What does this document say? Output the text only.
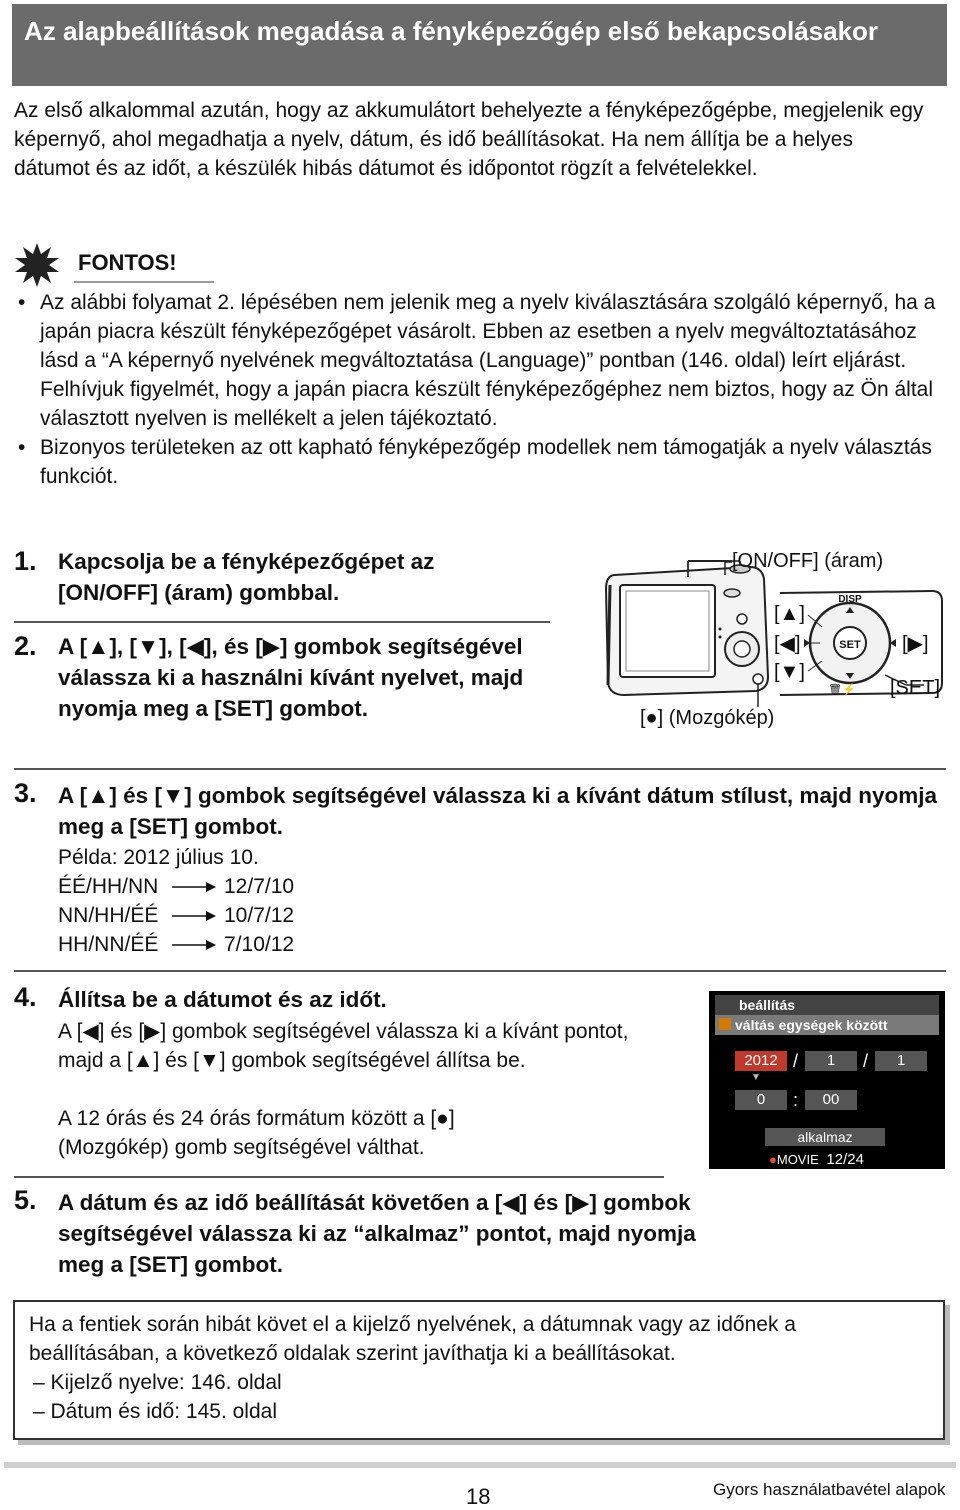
Az alapbeállítások megadása a fényképezőgép első bekapcsolásakor
Az első alkalommal azután, hogy az akkumulátort behelyezte a fényképezőgépbe, megjelenik egy képernyő, ahol megadhatja a nyelv, dátum, és idő beállításokat. Ha nem állítja be a helyes dátumot és az időt, a készülék hibás dátumot és időpontot rögzít a felvételekkel.
FONTOS!
• Az alábbi folyamat 2. lépésében nem jelenik meg a nyelv kiválasztására szolgáló képernyő, ha a japán piacra készült fényképezőgépet vásárolt. Ebben az esetben a nyelv megváltoztatásához lásd a “A képernyő nyelvének megváltoztatása (Language)” pontban (146. oldal) leírt eljárást. Felhívjuk figyelmét, hogy a japán piacra készült fényképezőgéphez nem biztos, hogy az Ön által választott nyelven is mellékelt a jelen tájékoztató.
• Bizonyos területeken az ott kapható fényképezőgép modellek nem támogatják a nyelv választás funkciót.
1. Kapcsolja be a fényképezőgépet az [ON/OFF] (áram) gombbal.
2. A [▲], [▼], [◀], és [▶] gombok segítségével válassza ki a használni kívánt nyelvet, majd nyomja meg a [SET] gombot.
SET
DISP
🗑⚡
[ON/OFF] (áram)
[▲]
[◀]
[▼]
[▶]
[SET]
[●] (Mozgókép)
3. A [▲] és [▼] gombok segítségével válassza ki a kívánt dátum stílust, majd nyomja meg a [SET] gombot.
Példa: 2012 július 10.
ÉÉ/HH/NN	12/7/10
NN/HH/ÉÉ	10/7/12
HH/NN/ÉÉ	7/10/12
4. Állítsa be a dátumot és az időt.
A [◀] és [▶] gombok segítségével válassza ki a kívánt pontot, majd a [▲] és [▼] gombok segítségével állítsa be.
A 12 órás és 24 órás formátum között a [●] (Mozgókép) gomb segítségével válthat.
beállítás
váltás egységek között
2012
▼
/	1	/	1
0	:	00
alkalmaz
●MOVIE 12/24
5. A dátum és az idő beállítását követően a [◀] és [▶] gombok segítségével válassza ki az “alkalmaz” pontot, majd nyomja meg a [SET] gombot.
Ha a fentiek során hibát követ el a kijelző nyelvének, a dátumnak vagy az időnek a beállításában, a következő oldalak szerint javíthatja ki a beállításokat.
– Kijelző nyelve: 146. oldal
– Dátum és idő: 145. oldal
18	Gyors használatbavétel alapok
